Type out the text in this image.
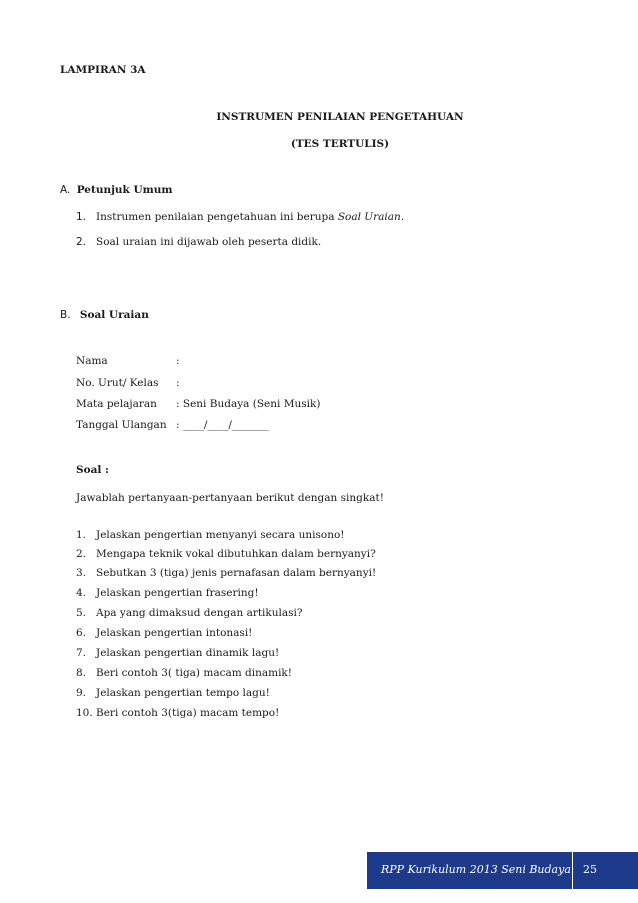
LAMPIRAN 3A
INSTRUMEN PENILAIAN PENGETAHUAN
(TES TERTULIS)
A. Petunjuk Umum
1. Instrumen penilaian pengetahuan ini berupa Soal Uraian.
2. Soal uraian ini dijawab oleh peserta didik.
B. Soal Uraian
Nama	:
No. Urut/ Kelas :
Mata pelajaran : Seni Budaya (Seni Musik)
Tanggal Ulangan : ____/____/_______
Soal :
Jawablah pertanyaan-pertanyaan berikut dengan singkat!
1. Jelaskan pengertian menyanyi secara unisono!
2. Mengapa teknik vokal dibutuhkan dalam bernyanyi?
3. Sebutkan 3 (tiga) jenis pernafasan dalam bernyanyi!
4. Jelaskan pengertian frasering!
5. Apa yang dimaksud dengan artikulasi?
6. Jelaskan pengertian intonasi!
7. Jelaskan pengertian dinamik lagu!
8. Beri contoh 3( tiga) macam dinamik!
9. Jelaskan pengertian tempo lagu!
10. Beri contoh 3(tiga) macam tempo!
RPP Kurikulum 2013 Seni Budaya 25
